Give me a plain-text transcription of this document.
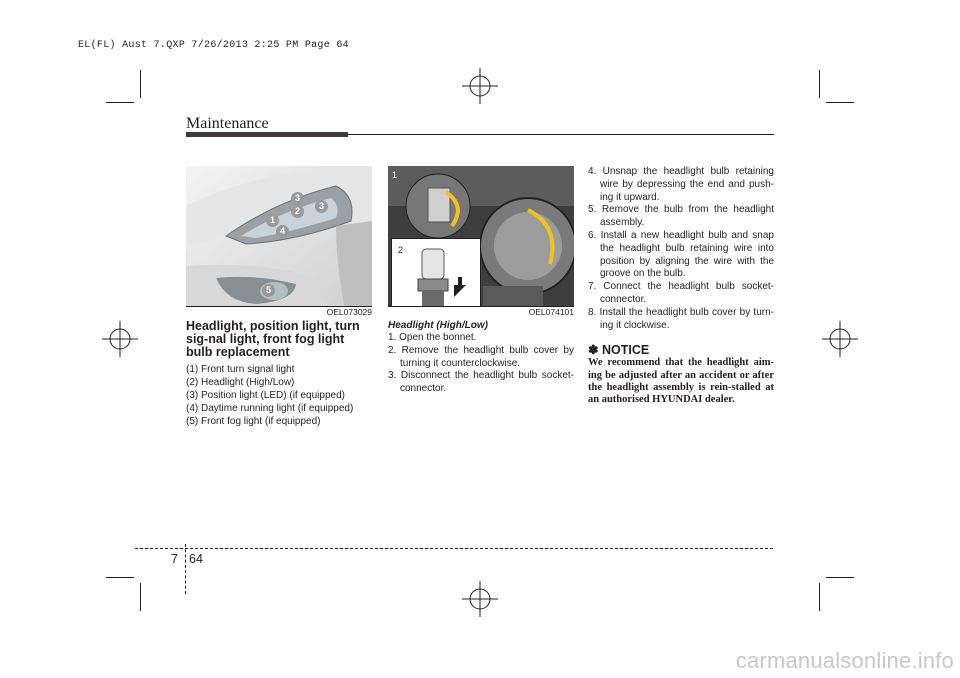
EL(FL) Aust 7.QXP 7/26/2013 2:25 PM Page 64
Maintenance
1
2
3
3
4
5
OEL073029
2
1
OEL074101
Headlight, position light, turn sig-nal light, front fog light bulb replacement

(1) Front turn signal light

(2) Headlight (High/Low)

(3) Position light (LED) (if equipped)

(4) Daytime running light (if equipped)

(5) Front fog light (if equipped)

Headlight (High/Low)
1. Open the bonnet.
2. Remove the headlight bulb cover by turning it counterclockwise.
3. Disconnect the headlight bulb socket-connector.
4. Unsnap the headlight bulb retaining wire by depressing the end and push-ing it upward.
5. Remove the bulb from the headlight assembly.
6. Install a new headlight bulb and snap the headlight bulb retaining wire into position by aligning the wire with the groove on the bulb.
7. Connect the headlight bulb socket-connector.
8. Install the headlight bulb cover by turn-ing it clockwise.
✽ NOTICE
We recommend that the headlight aim-ing be adjusted after an accident or after the headlight assembly is rein-stalled at an authorised HYUNDAI dealer.
7 64
carmanualsonline.info
